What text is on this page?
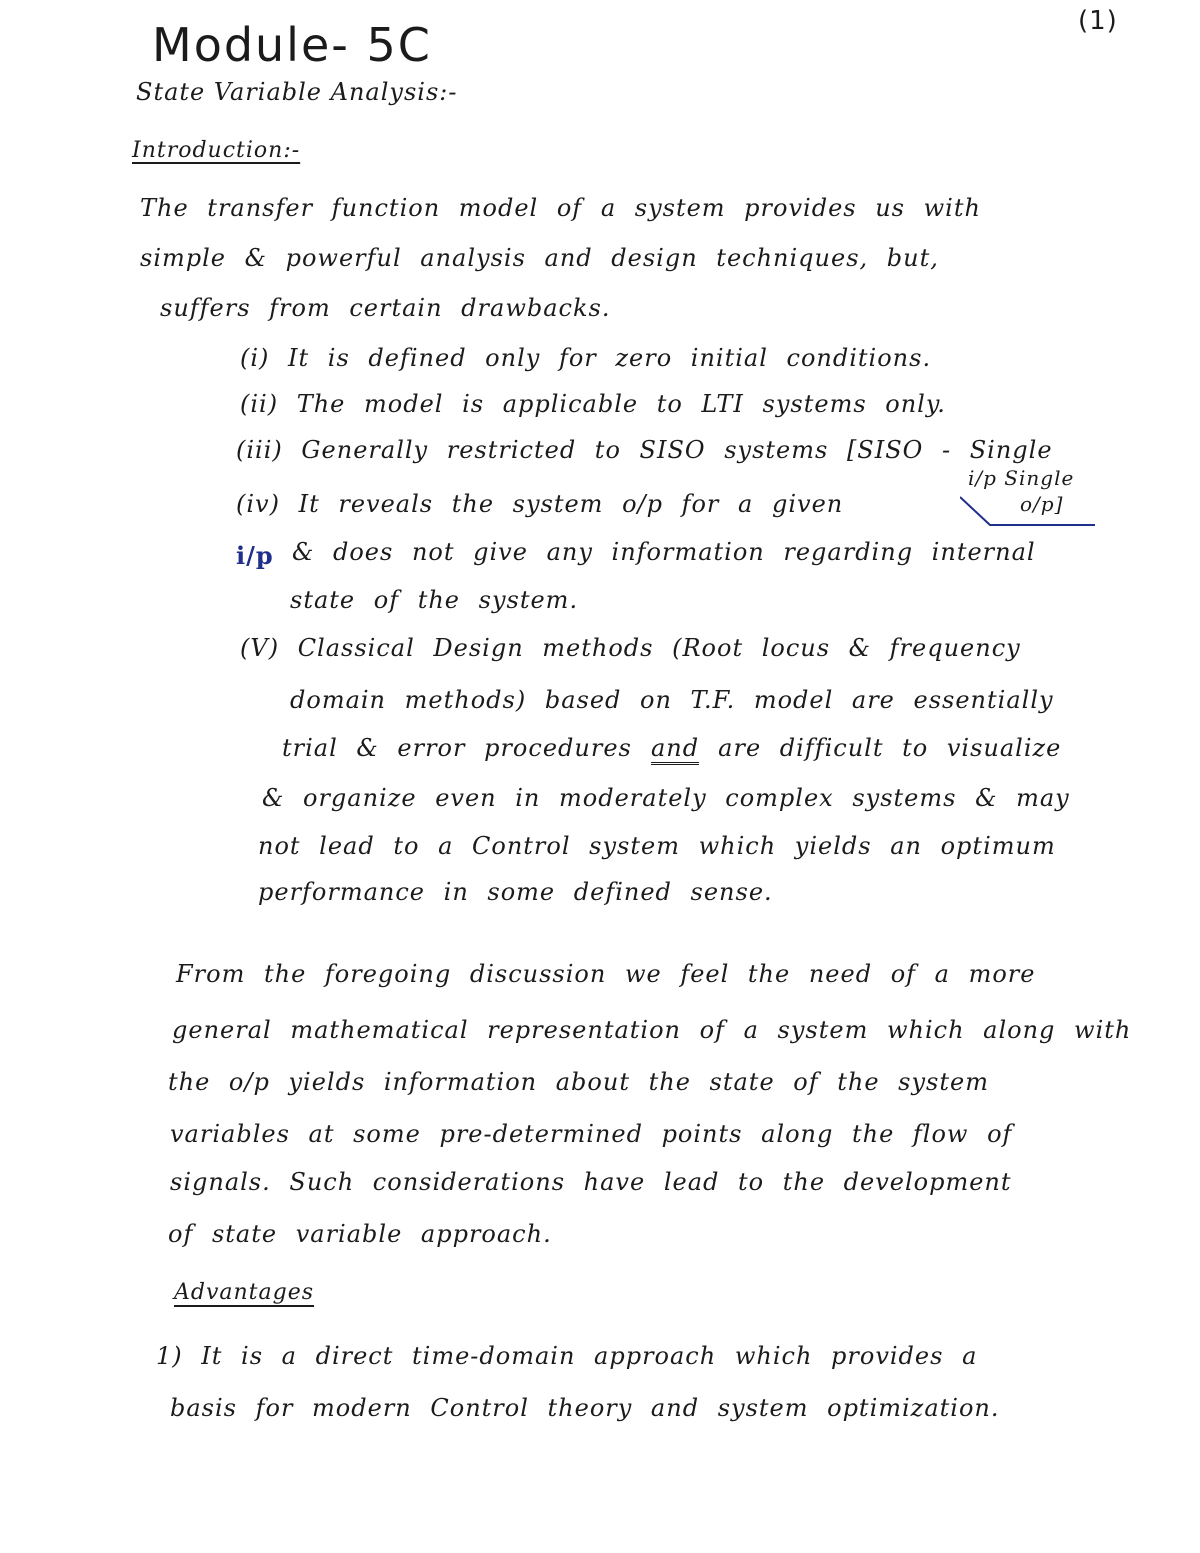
Module- 5C	(1)
State Variable Analysis:-
Introduction:-
The transfer function model of a system provides us with
simple & powerful analysis and design techniques, but,
suffers from certain drawbacks.
(i) It is defined only for zero initial conditions.
(ii) The model is applicable to LTI systems only.
(iii) Generally restricted to SISO systems [SISO - Single
i/p Single
o/p]
(iv) It reveals the system o/p for a given
i/p & does not give any information regarding internal
state of the system.
(V) Classical Design methods (Root locus & frequency
domain methods) based on T.F. model are essentially
trial & error procedures and are difficult to visualize
& organize even in moderately complex systems & may
not lead to a Control system which yields an optimum
performance in some defined sense.
From the foregoing discussion we feel the need of a more
general mathematical representation of a system which along with
the o/p yields information about the state of the system
variables at some pre-determined points along the flow of
signals. Such considerations have lead to the development
of state variable approach.
Advantages
1) It is a direct time-domain approach which provides a
basis for modern Control theory and system optimization.
